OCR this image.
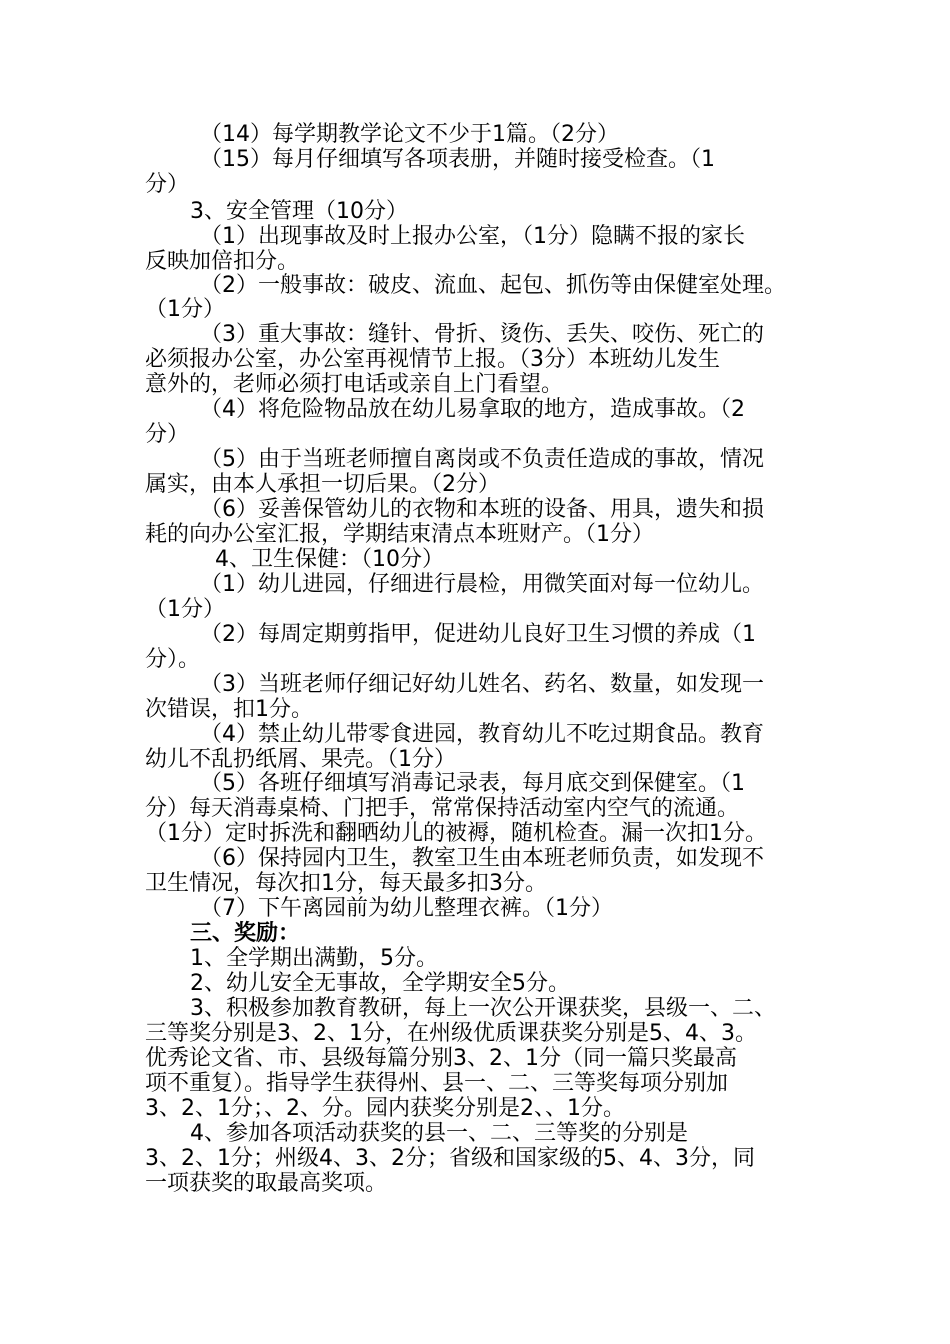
（14）每学期教学论文不少于1篇。（2分）
（15）每月仔细填写各项表册，并随时接受检查。（1
分）
3、安全管理（10分）
（1）出现事故及时上报办公室，（1分）隐瞒不报的家长
反映加倍扣分。
（2）一般事故：破皮、流血、起包、抓伤等由保健室处理。
（1分）
（3）重大事故：缝针、骨折、烫伤、丢失、咬伤、死亡的
必须报办公室，办公室再视情节上报。（3分）本班幼儿发生
意外的，老师必须打电话或亲自上门看望。
（4）将危险物品放在幼儿易拿取的地方，造成事故。（2
分）
（5）由于当班老师擅自离岗或不负责任造成的事故，情况
属实，由本人承担一切后果。（2分）
（6）妥善保管幼儿的衣物和本班的设备、用具，遗失和损
耗的向办公室汇报，学期结束清点本班财产。（1分）
4、卫生保健：（10分）
（1）幼儿进园，仔细进行晨检，用微笑面对每一位幼儿。
（1分）
（2）每周定期剪指甲，促进幼儿良好卫生习惯的养成（1
分）。
（3）当班老师仔细记好幼儿姓名、药名、数量，如发现一
次错误，扣1分。
（4）禁止幼儿带零食进园，教育幼儿不吃过期食品。教育
幼儿不乱扔纸屑、果壳。（1分）
（5）各班仔细填写消毒记录表，每月底交到保健室。（1
分）每天消毒桌椅、门把手，常常保持活动室内空气的流通。
（1分）定时拆洗和翻晒幼儿的被褥，随机检查。漏一次扣1分。
（6）保持园内卫生，教室卫生由本班老师负责，如发现不
卫生情况，每次扣1分，每天最多扣3分。
（7）下午离园前为幼儿整理衣裤。（1分）
三、奖励：
1、全学期出满勤，5分。
2、幼儿安全无事故，全学期安全5分。
3、积极参加教育教研，每上一次公开课获奖，县级一、二、
三等奖分别是3、2、1分，在州级优质课获奖分别是5、4、3。
优秀论文省、市、县级每篇分别3、2、1分（同一篇只奖最高
项不重复）。指导学生获得州、县一、二、三等奖每项分别加
3、2、1分；、2、分。园内获奖分别是2、、1分。
4、参加各项活动获奖的县一、二、三等奖的分别是
3、2、1分；州级4、3、2分；省级和国家级的5、4、3分，同
一项获奖的取最高奖项。
